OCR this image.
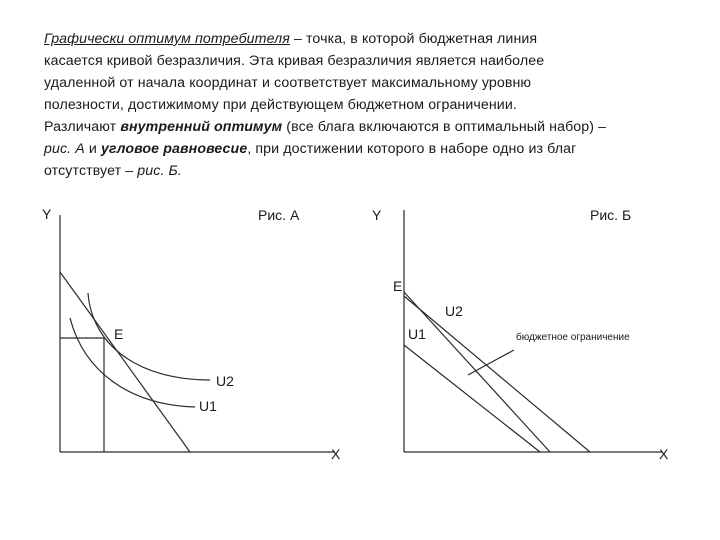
Графически оптимум потребителя – точка, в которой бюджетная линия
касается кривой безразличия. Эта кривая безразличия является наиболее
удаленной от начала координат и соответствует максимальному уровню
полезности, достижимому при действующем бюджетном ограничении.
Различают внутренний оптимум (все блага включаются в оптимальный набор) –
рис. А и угловое равновесие, при достижении которого в наборе одно из благ
отсутствует – рис. Б.
Y	Рис. А
E
U2
U1
X
Y	Рис. Б
E
U2
U1	бюджетное ограничение
X
